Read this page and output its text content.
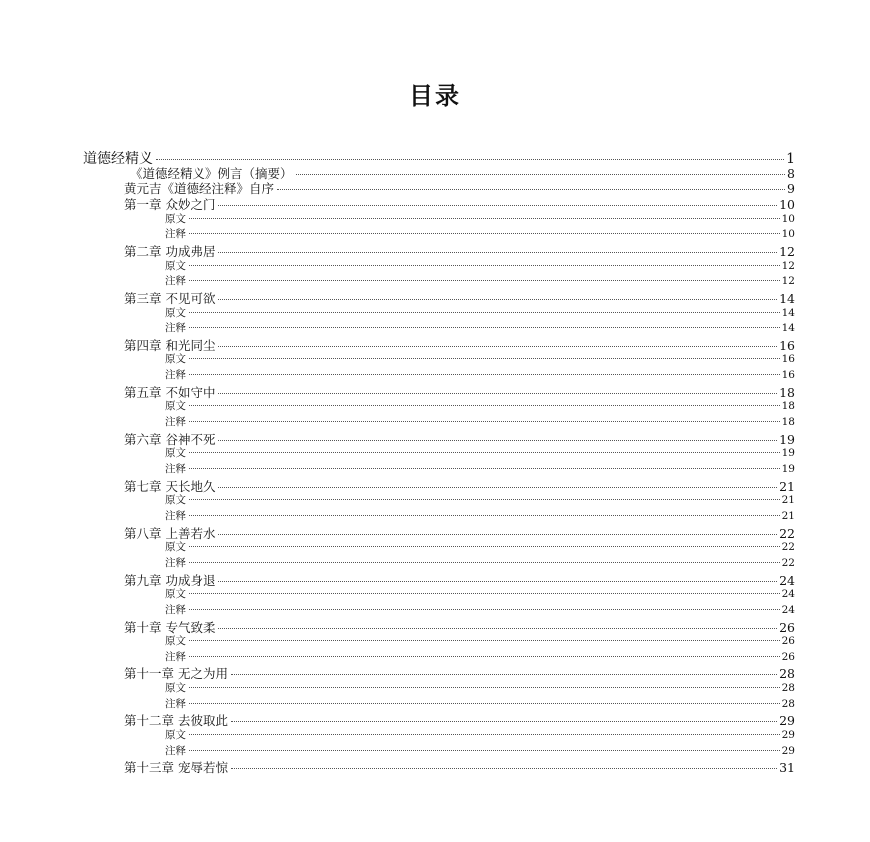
目录
道德经精义	1
《道德经精义》例言（摘要）	8
黄元吉《道德经注释》自序	9
第一章 众妙之门	10
原文	10
注释	10
第二章 功成弗居	12
原文	12
注释	12
第三章 不见可欲	14
原文	14
注释	14
第四章 和光同尘	16
原文	16
注释	16
第五章 不如守中	18
原文	18
注释	18
第六章 谷神不死	19
原文	19
注释	19
第七章 天长地久	21
原文	21
注释	21
第八章 上善若水	22
原文	22
注释	22
第九章 功成身退	24
原文	24
注释	24
第十章 专气致柔	26
原文	26
注释	26
第十一章 无之为用	28
原文	28
注释	28
第十二章 去彼取此	29
原文	29
注释	29
第十三章 宠辱若惊	31
